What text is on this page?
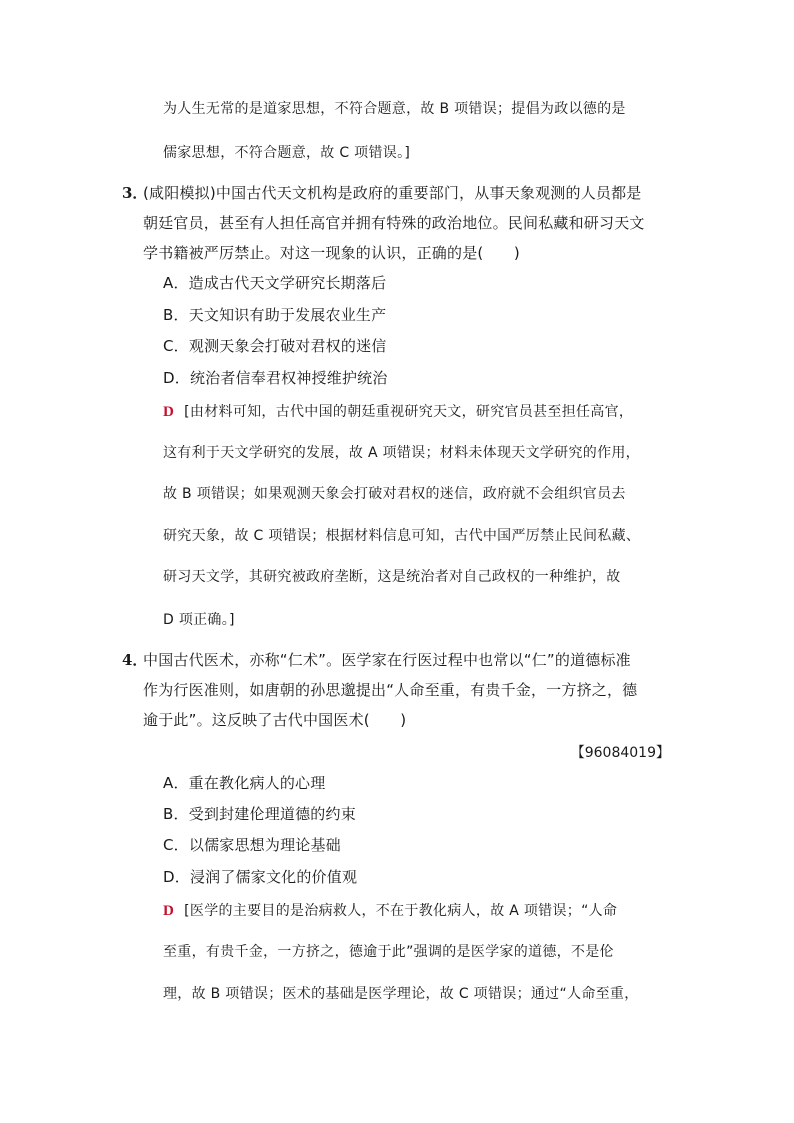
为人生无常的是道家思想，不符合题意，故 B 项错误；提倡为政以德的是
儒家思想，不符合题意，故 C 项错误。]
3．
(咸阳模拟)中国古代天文机构是政府的重要部门，从事天象观测的人员都是
朝廷官员，甚至有人担任高官并拥有特殊的政治地位。民间私藏和研习天文
学书籍被严厉禁止。对这一现象的认识，正确的是(　　)
A．造成古代天文学研究长期落后
B．天文知识有助于发展农业生产
C．观测天象会打破对君权的迷信
D．统治者信奉君权神授维护统治
D [由材料可知，古代中国的朝廷重视研究天文，研究官员甚至担任高官，
这有利于天文学研究的发展，故 A 项错误；材料未体现天文学研究的作用，
故 B 项错误；如果观测天象会打破对君权的迷信，政府就不会组织官员去
研究天象，故 C 项错误；根据材料信息可知，古代中国严厉禁止民间私藏、
研习天文学，其研究被政府垄断，这是统治者对自己政权的一种维护，故
D 项正确。]
4．
中国古代医术，亦称“仁术”。医学家在行医过程中也常以“仁”的道德标准
作为行医准则，如唐朝的孙思邈提出“人命至重，有贵千金，一方挤之，德
逾于此”。这反映了古代中国医术(　　)
【96084019】
A．重在教化病人的心理
B．受到封建伦理道德的约束
C．以儒家思想为理论基础
D．浸润了儒家文化的价值观
D [医学的主要目的是治病救人，不在于教化病人，故 A 项错误；“人命
至重，有贵千金，一方挤之，德逾于此”强调的是医学家的道德，不是伦
理，故 B 项错误；医术的基础是医学理论，故 C 项错误；通过“人命至重，
